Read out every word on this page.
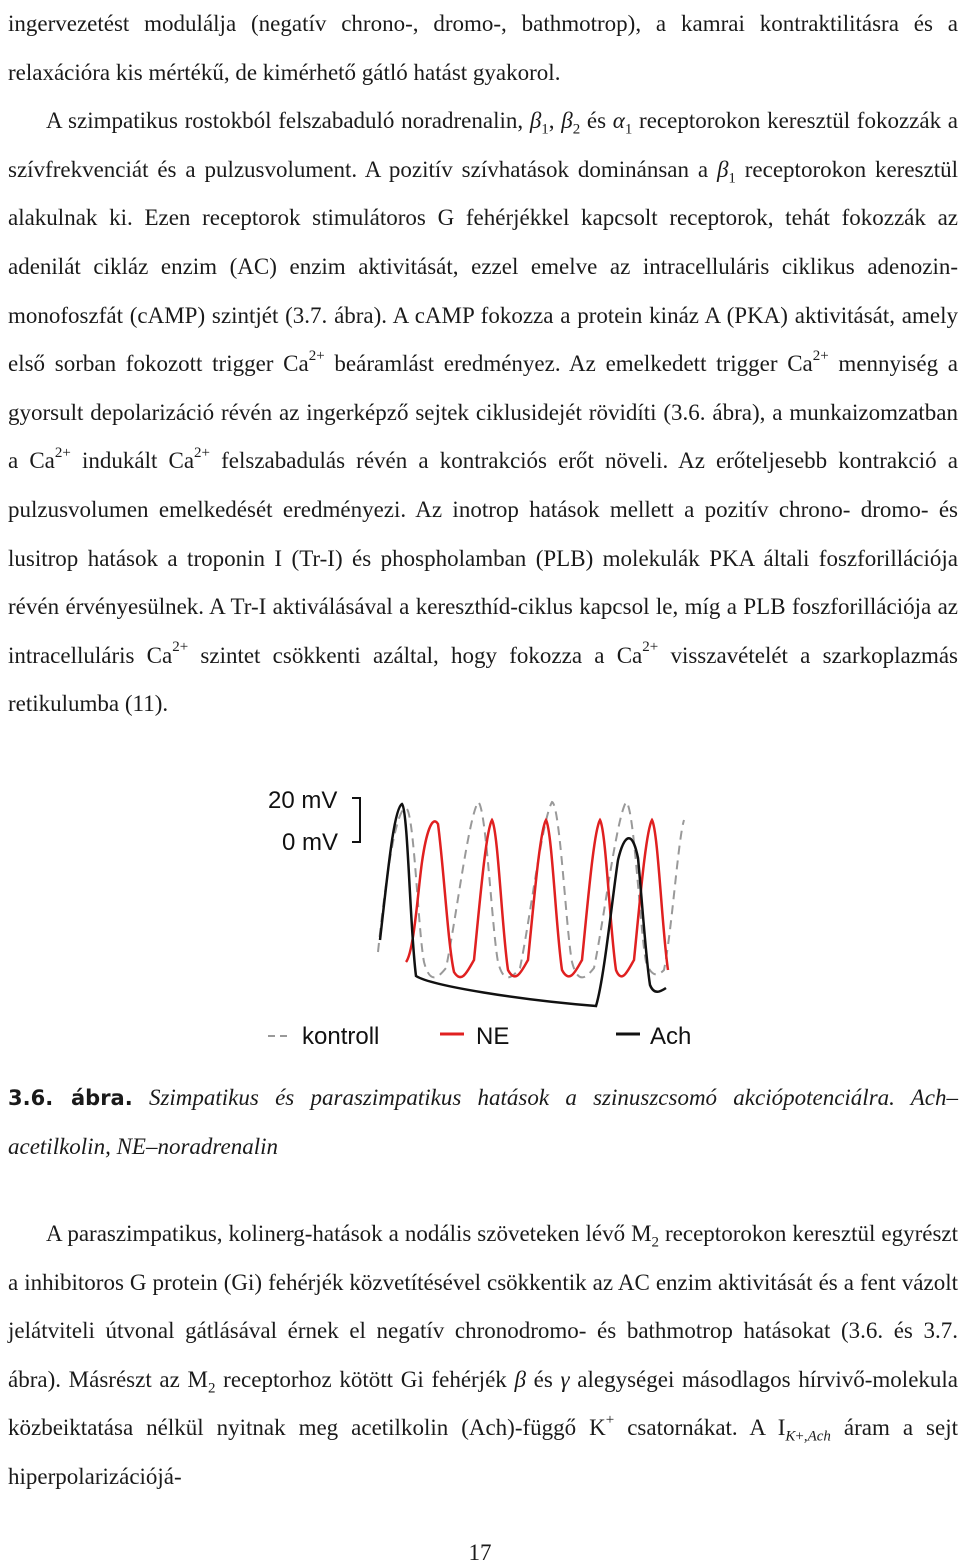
ingervezetést modulálja (negatív chrono-, dromo-, bathmotrop), a kamrai kontraktilitásra és a relaxációra kis mértékű, de kimérhető gátló hatást gyakorol.

A szimpatikus rostokból felszabaduló noradrenalin, $\beta_1$, $\beta_2$ és $\alpha_1$ receptorokon keresztül fokozzák a szívfrekvenciát és a pulzusvolument. A pozitív szívhatások dominánsan a $\beta_1$ receptorokon keresztül alakulnak ki. Ezen receptorok stimulátoros G fehérjékkel kapcsolt receptorok, tehát fokozzák az adenilát cikláz enzim (AC) enzim aktivitását, ezzel emelve az intracelluláris ciklikus adenozin-monofoszfát (cAMP) szintjét (3.7. ábra). A cAMP fokozza a protein kináz A (PKA) aktivitását, amely első sorban fokozott trigger $Ca^{2+}$ beáramlást eredményez. Az emelkedett trigger $Ca^{2+}$ mennyiség a gyorsult depolarizáció révén az ingerképző sejtek ciklusidejét rövidíti (3.6. ábra), a munkaizomzatban a $Ca^{2+}$ indukált $Ca^{2+}$ felszabadulás révén a kontrakciós erőt növeli. Az erőteljesebb kontrakció a pulzusvolumen emelkedését eredményezi. Az inotrop hatások mellett a pozitív chrono- dromo- és lusitrop hatások a troponin I (Tr-I) és phospholamban (PLB) molekulák PKA általi foszforillációja révén érvényesülnek. A Tr-I aktiválásával a kereszthíd-ciklus kapcsol le, míg a PLB foszforillációja az intracelluláris $Ca^{2+}$ szintet csökkenti azáltal, hogy fokozza a $Ca^{2+}$ visszavételét a szarkoplazmás retikulumba (11).

20 mV
0 mV
kontroll	NE	Ach
3.6. ábra. Szimpatikus és paraszimpatikus hatások a szinuszcsomó akciópotenciálra. Ach–acetilkolin, NE–noradrenalin

A paraszimpatikus, kolinerg-hatások a nodális szöveteken lévő $M_2$ receptorokon keresztül egyrészt a inhibitoros G protein (Gi) fehérjék közvetítésével csökkentik az AC enzim aktivitását és a fent vázolt jelátviteli útvonal gátlásával érnek el negatív chronodromo- és bathmotrop hatásokat (3.6. és 3.7. ábra). Másrészt az $M_2$ receptorhoz kötött Gi fehérjék β és γ alegységei másodlagos hírvivő-molekula közbeiktatása nélkül nyitnak meg acetilkolin (Ach)-függő K+ csatornákat. A $I_{K+,Ach}$ áram a sejt hiperpolarizációjá-

17
